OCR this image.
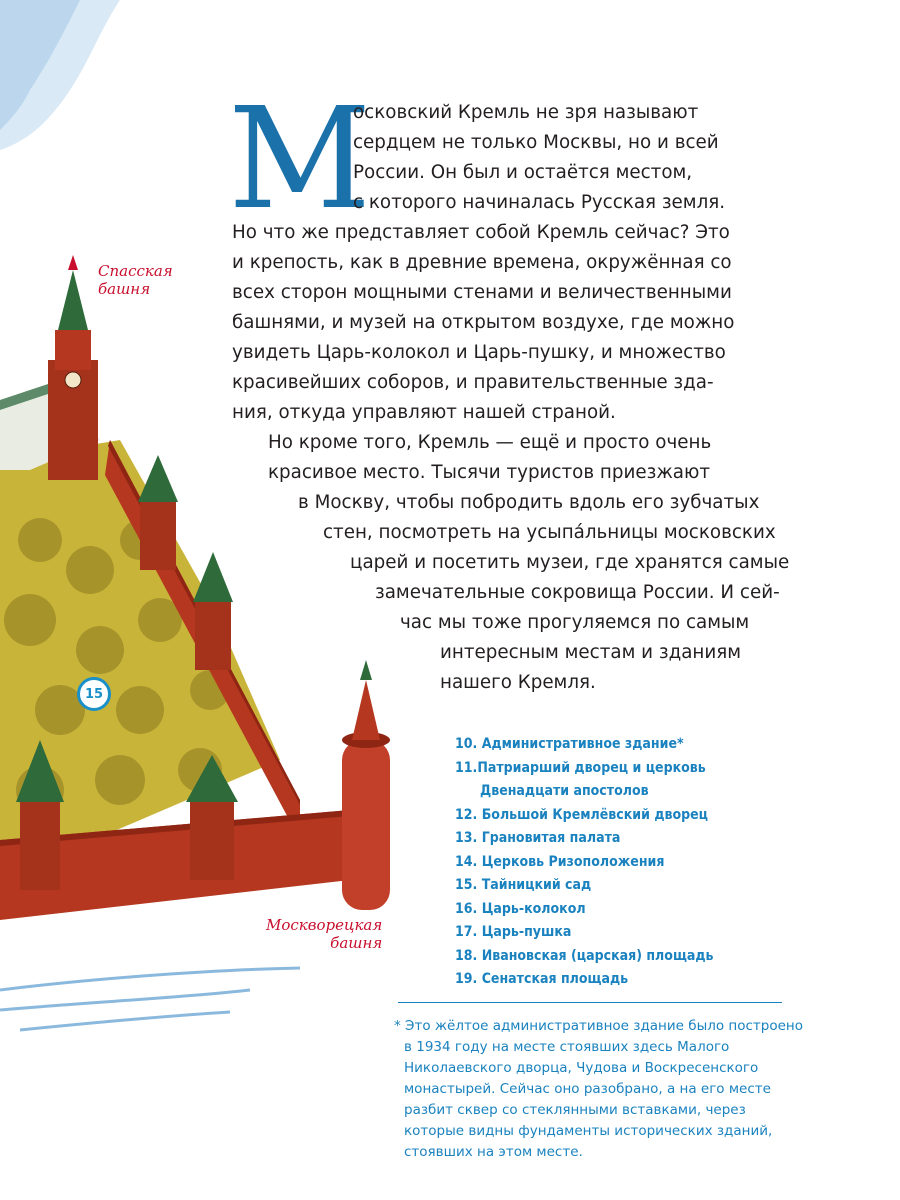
Спасская
башня
Москворецкая
башня
15
М
осковский Кремль не зря называют
сердцем не только Москвы, но и всей
России. Он был и остаётся местом,
с которого начиналась Русская земля.
Но что же представляет собой Кремль сейчас? Это
и крепость, как в древние времена, окружённая со
всех сторон мощными стенами и величественными
башнями, и музей на открытом воздухе, где можно
увидеть Царь-колокол и Царь-пушку, и множество
красивейших соборов, и правительственные зда-
ния, откуда управляют нашей страной.
Но кроме того, Кремль — ещё и просто очень
красивое место. Тысячи туристов приезжают
в Москву, чтобы побродить вдоль его зубчатых
стен, посмотреть на усыпáльницы московских
царей и посетить музеи, где хранятся самые
замечательные сокровища России. И сей-
час мы тоже прогуляемся по самым
интересным местам и зданиям
нашего Кремля.
10. Административное здание*
11.Патриарший дворец и церковь
Двенадцати апостолов
12. Большой Кремлёвский дворец
13. Грановитая палата
14. Церковь Ризоположения
15. Тайницкий сад
16. Царь-колокол
17. Царь-пушка
18. Ивановская (царская) площадь
19. Сенатская площадь
* Это жёлтое административное здание было построено
в 1934 году на месте стоявших здесь Малого
Николаевского дворца, Чудова и Воскресенского
монастырей. Сейчас оно разобрано, а на его месте
разбит сквер со стеклянными вставками, через
которые видны фундаменты исторических зданий,
стоявших на этом месте.
